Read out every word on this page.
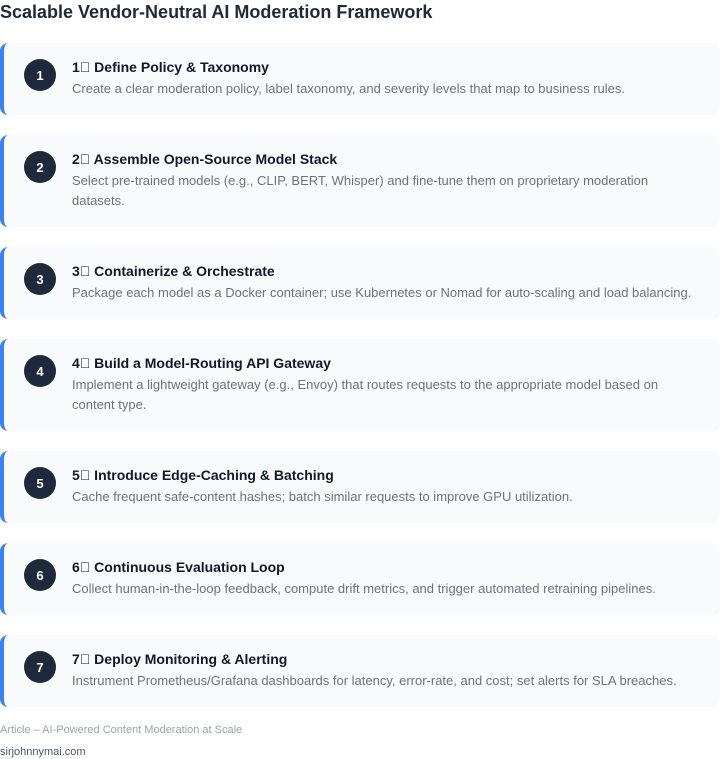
Scalable Vendor-Neutral AI Moderation Framework
1	1⃣ Define Policy & Taxonomy
Create a clear moderation policy, label taxonomy, and severity levels that map to business rules.
2	2⃣ Assemble Open-Source Model Stack
Select pre-trained models (e.g., CLIP, BERT, Whisper) and fine-tune them on proprietary moderation datasets.
3	3⃣ Containerize & Orchestrate
Package each model as a Docker container; use Kubernetes or Nomad for auto-scaling and load balancing.
4	4⃣ Build a Model-Routing API Gateway
Implement a lightweight gateway (e.g., Envoy) that routes requests to the appropriate model based on content type.
5	5⃣ Introduce Edge-Caching & Batching
Cache frequent safe-content hashes; batch similar requests to improve GPU utilization.
6	6⃣ Continuous Evaluation Loop
Collect human-in-the-loop feedback, compute drift metrics, and trigger automated retraining pipelines.
7	7⃣ Deploy Monitoring & Alerting
Instrument Prometheus/Grafana dashboards for latency, error-rate, and cost; set alerts for SLA breaches.
Article – AI-Powered Content Moderation at Scale
sirjohnnymai.com
